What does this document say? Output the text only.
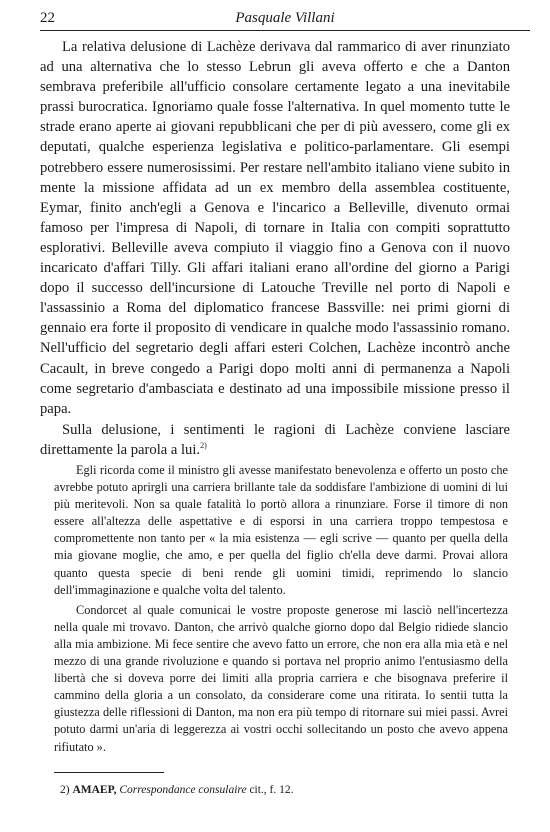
22	Pasquale Villani

La relativa delusione di Lachèze derivava dal rammarico di aver rinunziato ad una alternativa che lo stesso Lebrun gli aveva offerto e che a Danton sembrava preferibile all'ufficio consolare certamente legato a una inevitabile prassi burocratica. Ignoriamo quale fosse l'alternativa. In quel momento tutte le strade erano aperte ai giovani repubblicani che per di più avessero, come gli ex deputati, qualche esperienza legislativa e politico-parlamentare. Gli esempi potrebbero essere numerosissimi. Per restare nell'ambito italiano viene subito in mente la missione affidata ad un ex membro della assemblea costituente, Eymar, finito anch'egli a Genova e l'incarico a Belleville, divenuto ormai famoso per l'impresa di Napoli, di tornare in Italia con compiti soprattutto esplorativi. Belleville aveva compiuto il viaggio fino a Genova con il nuovo incaricato d'affari Tilly. Gli affari italiani erano all'ordine del giorno a Parigi dopo il successo dell'incursione di Latouche Treville nel porto di Napoli e l'assassinio a Roma del diplomatico francese Bassville: nei primi giorni di gennaio era forte il proposito di vendicare in qualche modo l'assassinio romano. Nell'ufficio del segretario degli affari esteri Colchen, Lachèze incontrò anche Cacault, in breve congedo a Parigi dopo molti anni di permanenza a Napoli come segretario d'ambasciata e destinato ad una impossibile missione presso il papa.

Sulla delusione, i sentimenti le ragioni di Lachèze conviene lasciare direttamente la parola a lui.$^{2)}$

Egli ricorda come il ministro gli avesse manifestato benevolenza e offerto un posto che avrebbe potuto aprirgli una carriera brillante tale da soddisfare l'ambizione di uomini di lui più meritevoli. Non sa quale fatalità lo portò allora a rinunziare. Forse il timore di non essere all'altezza delle aspettative e di esporsi in una carriera troppo tempestosa e compromettente non tanto per « la mia esistenza — egli scrive — quanto per quella della mia giovane moglie, che amo, e per quella del figlio ch'ella deve darmi. Provai allora quanto questa specie di beni rende gli uomini timidi, reprimendo lo slancio dell'immaginazione e qualche volta del talento.

Condorcet al quale comunicai le vostre proposte generose mi lasciò nell'incertezza nella quale mi trovavo. Danton, che arrivò qualche giorno dopo dal Belgio ridiede slancio alla mia ambizione. Mi fece sentire che avevo fatto un errore, che non era alla mia età e nel mezzo di una grande rivoluzione e quando si portava nel proprio animo l'entusiasmo della libertà che si doveva porre dei limiti alla propria carriera e che bisognava preferire il cammino della gloria a un consolato, da considerare come una ritirata. Io sentii tutta la giustezza delle riflessioni di Danton, ma non era più tempo di ritornare sui miei passi. Avrei potuto darmi un'aria di leggerezza ai vostri occhi sollecitando un posto che avevo appena rifiutato ».

2) AMAEP, Correspondance consulaire cit., f. 12.
